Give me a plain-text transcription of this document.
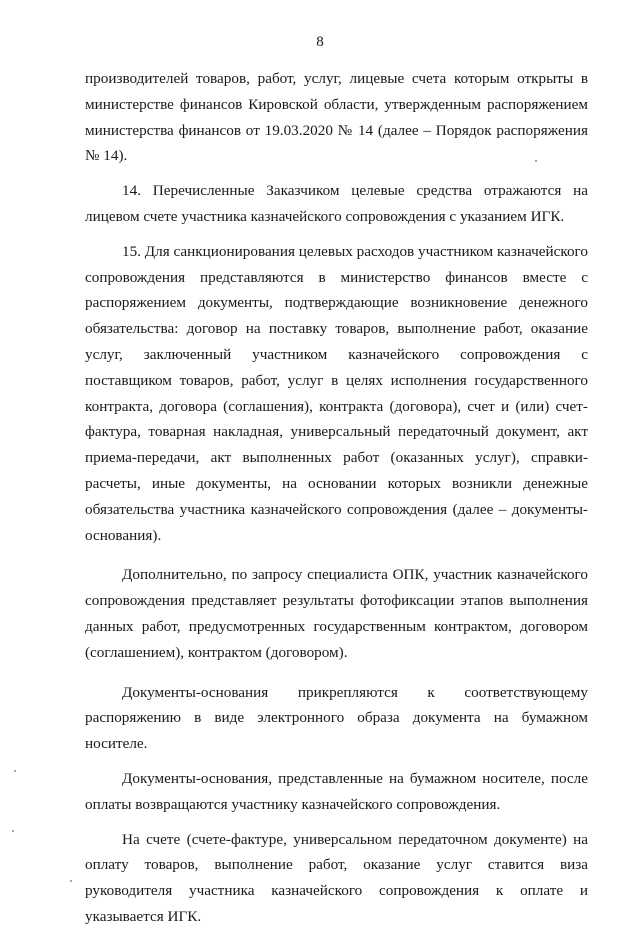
8

производителей товаров, работ, услуг, лицевые счета которым открыты в министерстве финансов Кировской области, утвержденным распоряжением министерства финансов от 19.03.2020 № 14 (далее – Порядок распоряжения № 14).

14. Перечисленные Заказчиком целевые средства отражаются на лицевом счете участника казначейского сопровождения с указанием ИГК.

15. Для санкционирования целевых расходов участником казначейского сопровождения представляются в министерство финансов вместе с распоряжением документы, подтверждающие возникновение денежного обязательства: договор на поставку товаров, выполнение работ, оказание услуг, заключенный участником казначейского сопровождения с поставщиком товаров, работ, услуг в целях исполнения государственного контракта, договора (соглашения), контракта (договора), счет и (или) счет-фактура, товарная накладная, универсальный передаточный документ, акт приема-передачи, акт выполненных работ (оказанных услуг), справки-расчеты, иные документы, на основании которых возникли денежные обязательства участника казначейского сопровождения (далее – документы-основания).

Дополнительно, по запросу специалиста ОПК, участник казначейского сопровождения представляет результаты фотофиксации этапов выполнения данных работ, предусмотренных государственным контрактом, договором (соглашением), контрактом (договором).

Документы-основания прикрепляются к соответствующему распоряжению в виде электронного образа документа на бумажном носителе.

Документы-основания, представленные на бумажном носителе, после оплаты возвращаются участнику казначейского сопровождения.

На счете (счете-фактуре, универсальном передаточном документе) на оплату товаров, выполнение работ, оказание услуг ставится виза руководителя участника казначейского сопровождения к оплате и указывается ИГК.
